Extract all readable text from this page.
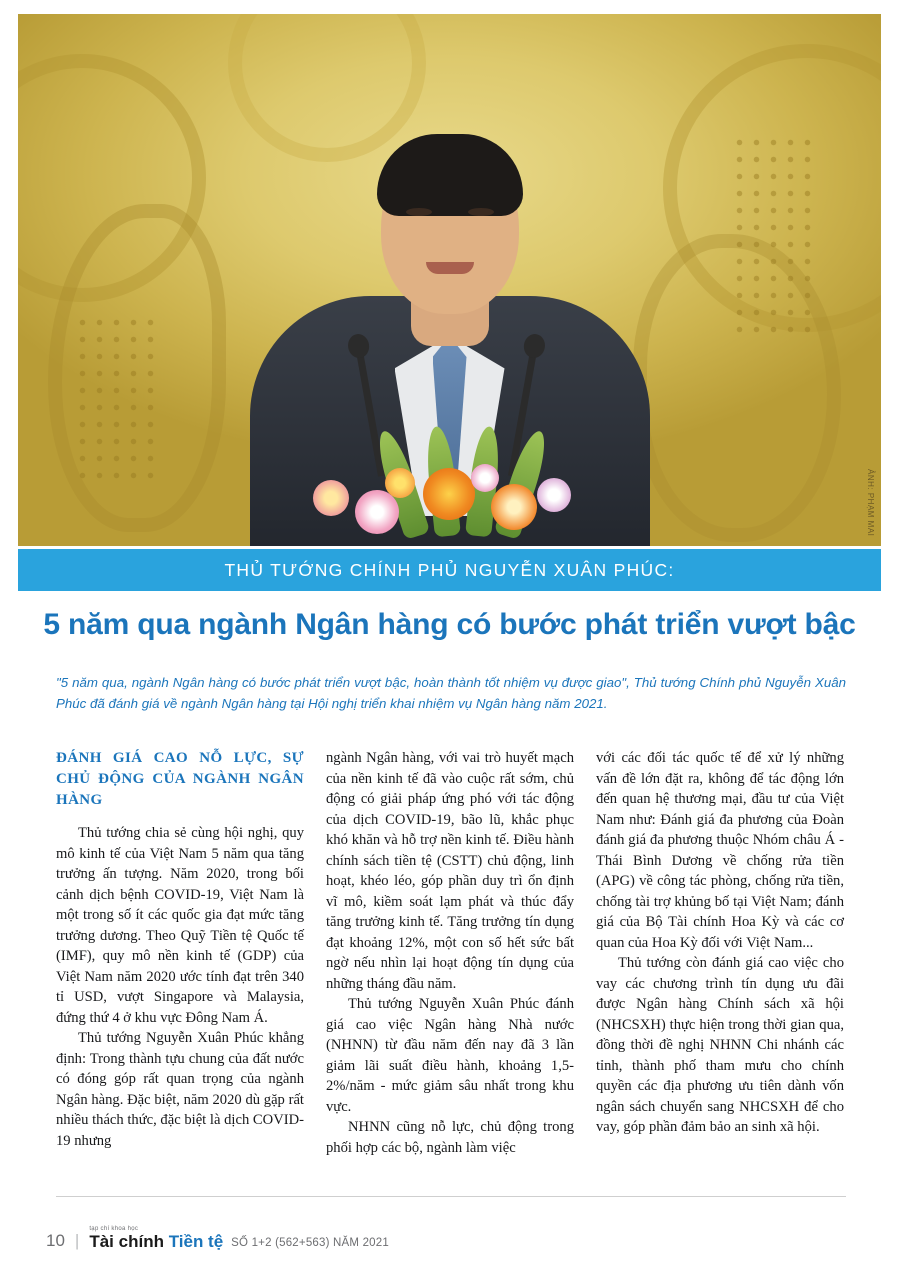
ẢNH: PHẠM MAI
THỦ TƯỚNG CHÍNH PHỦ NGUYỄN XUÂN PHÚC:
5 năm qua ngành Ngân hàng có bước phát triển vượt bậc
"5 năm qua, ngành Ngân hàng có bước phát triển vượt bậc, hoàn thành tốt nhiệm vụ được giao", Thủ tướng Chính phủ Nguyễn Xuân Phúc đã đánh giá về ngành Ngân hàng tại Hội nghị triển khai nhiệm vụ Ngân hàng năm 2021.
ĐÁNH GIÁ CAO NỖ LỰC, SỰ CHỦ ĐỘNG CỦA NGÀNH NGÂN HÀNG

Thủ tướng chia sẻ cùng hội nghị, quy mô kinh tế của Việt Nam 5 năm qua tăng trưởng ấn tượng. Năm 2020, trong bối cảnh dịch bệnh COVID-19, Việt Nam là một trong số ít các quốc gia đạt mức tăng trưởng dương. Theo Quỹ Tiền tệ Quốc tế (IMF), quy mô nền kinh tế (GDP) của Việt Nam năm 2020 ước tính đạt trên 340 tỉ USD, vượt Singapore và Malaysia, đứng thứ 4 ở khu vực Đông Nam Á.

Thủ tướng Nguyễn Xuân Phúc khẳng định: Trong thành tựu chung của đất nước có đóng góp rất quan trọng của ngành Ngân hàng. Đặc biệt, năm 2020 dù gặp rất nhiều thách thức, đặc biệt là dịch COVID-19 nhưng

ngành Ngân hàng, với vai trò huyết mạch của nền kinh tế đã vào cuộc rất sớm, chủ động có giải pháp ứng phó với tác động của dịch COVID-19, bão lũ, khắc phục khó khăn và hỗ trợ nền kinh tế. Điều hành chính sách tiền tệ (CSTT) chủ động, linh hoạt, khéo léo, góp phần duy trì ổn định vĩ mô, kiềm soát lạm phát và thúc đẩy tăng trưởng kinh tế. Tăng trưởng tín dụng đạt khoảng 12%, một con số hết sức bất ngờ nếu nhìn lại hoạt động tín dụng của những tháng đầu năm.

Thủ tướng Nguyễn Xuân Phúc đánh giá cao việc Ngân hàng Nhà nước (NHNN) từ đầu năm đến nay đã 3 lần giảm lãi suất điều hành, khoảng 1,5-2%/năm - mức giảm sâu nhất trong khu vực.

NHNN cũng nỗ lực, chủ động trong phối hợp các bộ, ngành làm việc

với các đối tác quốc tế để xử lý những vấn đề lớn đặt ra, không để tác động lớn đến quan hệ thương mại, đầu tư của Việt Nam như: Đánh giá đa phương của Đoàn đánh giá đa phương thuộc Nhóm châu Á - Thái Bình Dương về chống rửa tiền (APG) về công tác phòng, chống rửa tiền, chống tài trợ khủng bố tại Việt Nam; đánh giá của Bộ Tài chính Hoa Kỳ và các cơ quan của Hoa Kỳ đối với Việt Nam...

Thủ tướng còn đánh giá cao việc cho vay các chương trình tín dụng ưu đãi được Ngân hàng Chính sách xã hội (NHCSXH) thực hiện trong thời gian qua, đồng thời đề nghị NHNN Chi nhánh các tỉnh, thành phố tham mưu cho chính quyền các địa phương ưu tiên dành vốn ngân sách chuyển sang NHCSXH để cho vay, góp phần đảm bảo an sinh xã hội.

10 |
tạp chí khoa học
Tài chính Tiền tệ SỐ 1+2 (562+563) NĂM 2021
